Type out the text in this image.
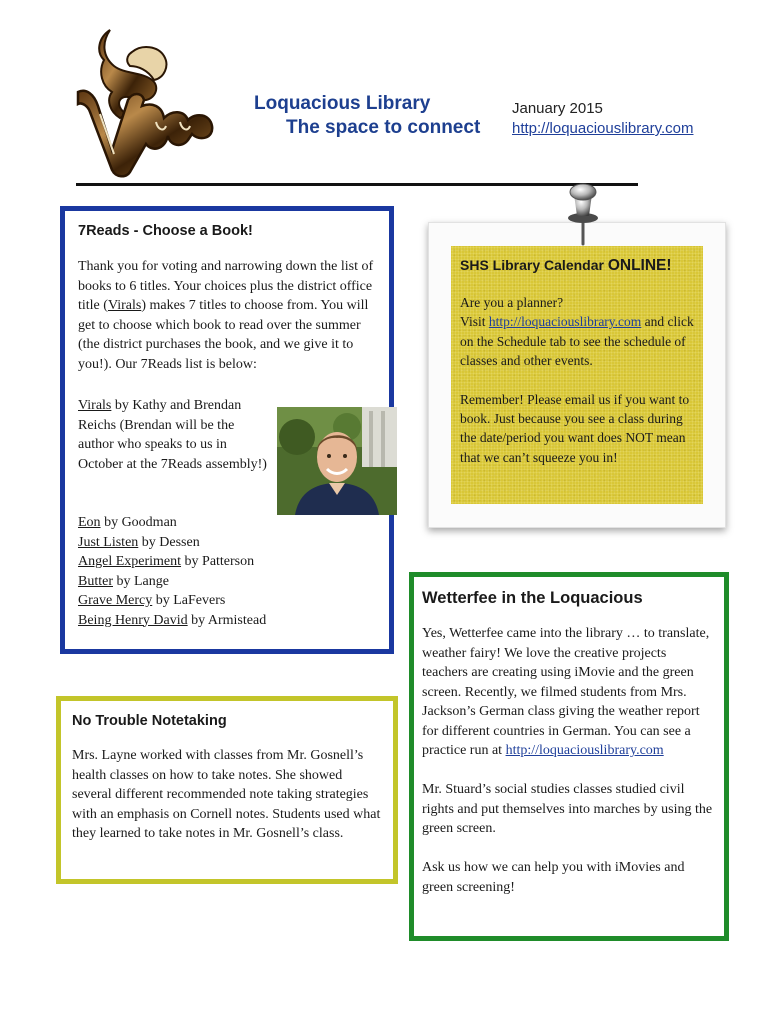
Loquacious Library
The space to connect
January 2015
http://loquaciouslibrary.com
7Reads - Choose a Book!

Thank you for voting and narrowing down the list of books to 6 titles. Your choices plus the district office title (Virals) makes 7 titles to choose from. You will get to choose which book to read over the summer (the district purchases the book, and we give it to you!). Our 7Reads list is below:

Virals by Kathy and Brendan Reichs (Brendan will be the author who speaks to us in October at the 7Reads assembly!)

Eon by Goodman
Just Listen by Dessen
Angel Experiment by Patterson
Butter by Lange
Grave Mercy by LaFevers
Being Henry David by Armistead
SHS Library Calendar ONLINE!

Are you a planner?
Visit http://loquaciouslibrary.com and click on the Schedule tab to see the schedule of classes and other events.

Remember! Please email us if you want to book. Just because you see a class during the date/period you want does NOT mean that we can’t squeeze you in!

No Trouble Notetaking

Mrs. Layne worked with classes from Mr. Gosnell’s health classes on how to take notes. She showed several different recommended note taking strategies with an emphasis on Cornell notes. Students used what they learned to take notes in Mr. Gosnell’s class.

Wetterfee in the Loquacious

Yes, Wetterfee came into the library … to translate, weather fairy! We love the creative projects teachers are creating using iMovie and the green screen. Recently, we filmed students from Mrs. Jackson’s German class giving the weather report for different countries in German. You can see a practice run at http://loquaciouslibrary.com

Mr. Stuard’s social studies classes studied civil rights and put themselves into marches by using the green screen.

Ask us how we can help you with iMovies and green screening!
